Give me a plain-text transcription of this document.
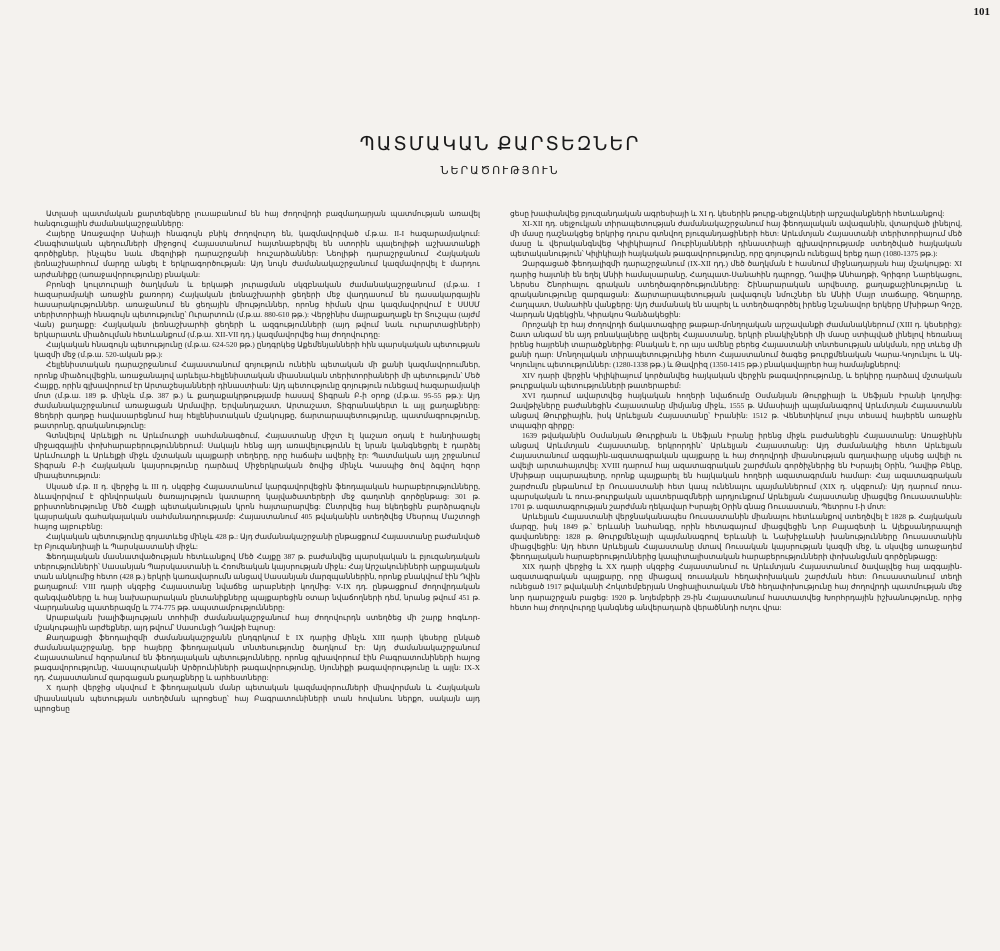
101
ՊԱՏՄԱԿԱՆ ՔԱՐՏԵԶՆԵՐ
ՆԵՐԱԾՈՒԹՅՈՒՆ

Ատլասի պատմական քարտեզները լուսաբանում են հայ ժողովրդի բազմադարյան պատմության առավել հանգուցային ժամանակաշրջանները:

Հայերը Առաջավոր Ասիայի հնագույն բնիկ ժողովուրդ են, կազմավորված մ.թ.ա. II-I հազարամյակում: Հնագիտական պեղումների միջոցով Հայաստանում հայտնաբերվել են ստորին պալեոլիթի աշխատանքի գործիքներ, ինչպես նաև մեզոլիթի դարաշրջանի հուշարձաններ: Նեոլիթի դարաշրջանում Հայկական լեռնաշխարհում մարդը անցել է երկրագործության: Այդ նույն ժամանակաշրջանում կազմավորվել է մարդու արժանիքը (առաջավորությունը) բնական:

Բրոնզի կուլտուրայի ծաղկման և երկաթի յուրացման սկզբնական ժամանակաշրջանում (մ.թ.ա. I հազարամյակի առաջին քառորդ) Հայկական լեռնաշխարհի ցեղերի մեջ վաղդասում են դասակարգային հասարակություններ. առաջանում են ցեղային միություններ, որոնց հիման վրա կազմավորվում է ՍՍՍՄ տերիտորիայի հնագույն պետությունը՝ Ուրարտուն (մ.թ.ա. 880-610 թթ.): Վերջինիս մայրաքաղաքն էր Տուշպա (այժմ Վան) քաղաքը: Հայկական լեռնաշխարհի ցեղերի և ազգությունների (այդ թվում նաև ուրարտացիների) երկարատև միաձուլման հետևանքում (մ.թ.ա. XII-VII դդ.) կազմավորվեց հայ ժողովուրդը:

Հայկական հնագույն պետությունը (մ.թ.ա. 624-520 թթ.) ընդգրկեց Աքեմենյանների հին պարսկական պետության կազմի մեջ (մ.թ.ա. 520-ական թթ.):

Հելլենիստական դարաշրջանում Հայաստանում գոյություն ունեին պետական մի քանի կազմավորումներ, որոնք միաձուլվեցին, առաջանալով արևելա-հելլենիստական միասնական տերիտորիաների մի պետություն՝ Մեծ Հայքը, որին գլխավորում էր Արտաշեսյանների դինաստիան: Այդ պետությունը գոյություն ունեցավ հազարամյակի մոտ (մ.թ.ա. 189 թ. մինչև մ.թ. 387 թ.) և քաղաքակրթությամբ հասավ Տիգրան Բ-ի օրոք (մ.թ.ա. 95-55 թթ.): Այդ ժամանակաշրջանում առաջացան Արմավիր, Երվանդաշատ, Արտաշատ, Տիգրանակերտ և այլ քաղաքները: Ցեղերի գաղթը հավասարեցնում հայ հելլենիստական մշակույթը, ճարտարապետությունը, պատմագրությունը, թատրոնը, գրականությունը:

Գտնվելով Արևելքի ու Արևմուտքի սահմանագծում, Հայաստանը միշտ էլ կաշառ օդակ է հանդիսացել միջազգային փոխհարաբերություններում: Սակայն հենց այդ առավելությունն էլ նրան կանգնեցրել է դարձել Արևմուտքի և Արևելքի միջև մշտական պայքարի տեղերը, որը հաճախ ավերիչ էր: Պատմական այդ շրջանում Տիգրան Բ-ի Հայկական կայսրությունը դարձավ Միջերկրական ծովից մինչև Կասպից ծով ձգվող հզոր միապետություն:

Սկսած մ.թ. II դ. վերջից և III դ. սկզբից Հայաստանում կարգավորվեցին ֆեոդալական հարաբերությունները, ձևավորվում է զինվորական ծառայություն կատարող կալվածատերերի մեջ գաղտնի գործընթաց: 301 թ. քրիստոնեությունը Մեծ Հայքի պետականության կրոն հայտարարվեց: Ընտրվեց հայ եկեղեցին բարձրագույն կայսրական գահակալական սահմանադրությամբ: Հայաստանում 405 թվականին ստեղծվեց Մեսրոպ Մաշտոցի հայոց այբուբենը:

Հայկական պետությունը գոյատևեց մինչև 428 թ.: Այդ ժամանակաշրջանի ընթացքում Հայաստանը բաժանված էր Բյուզանդիայի և Պարսկաստանի միջև:

Ֆեոդալական մասնատվածության հետևանքով Մեծ Հայքը 387 թ. բաժանվեց պարսկական և բյուզանդական տերությունների՝ Սասանյան Պարսկաստանի և Հռոմեական կայսրության միջև: Հայ Արշակունիների արքայական տան անկումից հետո (428 թ.) երկրի կառավարումն անցավ Սասանյան մարզպաններին, որոնք բնակվում էին Դվին քաղաքում: VIII դարի սկզբից Հայաստանը նվաճեց արաբների կողմից: V-IX դդ. ընթացքում ժողովրդական զանգվածները և հայ նախարարական ընտանիքները պայքարեցին օտար նվաճողների դեմ, նրանց թվում 451 թ. Վարդանանց պատերազմը և 774-775 թթ. ապստամբությունները:

Արաբական խալիֆայության տոհիմի ժամանակաշրջանում հայ ժողովուրդն ստեղծեց մի շարք հոգևոր-մշակութային արժեքներ, այդ թվում՝ Սասունցի Դավթի էպոսը:

Քաղաքացի ֆեոդալիզմի ժամանակաշրջանն ընդգրկում է IX դարից մինչև XIII դարի կեսերը ընկած ժամանակաշրջանը, երբ հայերը ֆեոդալական տնտեսությունը ծաղկում էր: Այդ ժամանակաշրջանում Հայաստանում հզորանում են ֆեոդալական պետությունները, որոնց գլխավորում էին Բագրատունիների հայոց թագավորությունը, Վասպուրականի Արծրունիների թագավորությունը, Սյունիքի թագավորությունը և այլն: IX-X դդ. Հայաստանում զարգացան քաղաքները և արհեստները:

X դարի վերջից սկսվում է ֆեոդալական մանր պետական կազմավորումների միավորման և Հայկական միասնական պետության ստեղծման պրոցեսը՝ հայ Բագրատունիների տան հովանու ներքո, սակայն այդ պրոցեսը

ցեսը խափանվեց բյուզանդական ագրեսիայի և XI դ. կեսերին թուրք-սելջուկների արշավանքների հետևանքով:

XI-XII դդ. սելջուկյան տիրապետության ժամանակաշրջանում հայ ֆեոդալական ավագանին, վտարված լինելով, մի մասը դաշնակցեց երկրից դուրս գտնվող բյուզանդացիների հետ: Արևմտյան Հայաստանի տերիտորիայում մեծ մասը և վերականգնվեց Կիլիկիայում Ռուբինյանների դինաստիայի գլխավորությամբ ստեղծված հայկական պետականություն՝ Կիլիկիայի հայկական թագավորությունը, որը գոյություն ունեցավ երեք դար (1080-1375 թթ.):

Զարգացած ֆեոդալիզմի դարաշրջանում (IX-XII դդ.) մեծ ծաղկման է հասնում միջնադարյան հայ մշակույթը: XI դարից հայտնի են եղել Անիի համալսարանը, Հաղպատ-Սանահին դպրոցը, Դավիթ Անհաղթի, Գրիգոր Նարեկացու, Ներսես Շնորհալու գրական ստեղծագործությունները: Շինարարական արվեստը, քաղաքաշինությունը և գրականությունը զարգացան: Ճարտարապետության լավագույն նմուշներ են Անիի Մայր տաճարը, Գեղարդը, Հաղպատ, Սանահին վանքերը: Այդ ժամանակ են ապրել և ստեղծագործել իրենց նշանավոր երկերը Մխիթար Գոշը, Վարդան Այգեկցին, Կիրակոս Գանձակեցին:

Որոշակի էր հայ ժողովրդի ճակատագիրը թաթար-մոնղոլական արշավանքի ժամանակներում (XIII դ. կեսերից): Շատ անգամ են այդ բռնակալները ավերել Հայաստանը, երկրի բնակիչների մի մասը ստիպված լինելով հեռանալ իրենց հայրենի տարածքներից: Բնական է, որ այս ամենը բերեց Հայաստանի տնտեսության անկման, որը տևեց մի քանի դար: Մոնղոլական տիրապետությունից հետո Հայաստանում ծագեց թուրքմենական Կարա-Կոյունլու և Ակ-Կոյունլու պետություններ: (1280-1338 թթ.) և Թավրիզ (1350-1415 թթ.) բնակավայրեր հայ համայնքներով:

XIV դարի վերջին Կիլիկիայում կործանվեց հայկական վերջին թագավորությունը, և երկիրը դարձավ մշտական թուրքական պետությունների թատերաբեմ:

XVI դարում ավարտվեց հայկական հողերի նվաճումը Օսմանյան Թուրքիայի և Սեֆյան Իրանի կողմից: Զավթիչները բաժանեցին Հայաստանը միմյանց միջև, 1555 թ. Ամասիայի պայմանագրով Արևմտյան Հայաստանն անցավ Թուրքիային, իսկ Արևելյան Հայաստանը՝ Իրանին: 1512 թ. Վենետիկում լույս տեսավ հայերեն առաջին տպագիր գիրքը:

1639 թվականին Օսմանյան Թուրքիան և Սեֆյան Իրանը իրենց միջև բաժանեցին Հայաստանը: Առաջինին անցավ Արևմտյան Հայաստանը, երկրորդին՝ Արևելյան Հայաստանը: Այդ ժամանակից հետո Արևելյան Հայաստանում ազգային-ազատագրական պայքարը և հայ ժողովրդի միասնության գաղափարը սկսեց ավելի ու ավելի արտահայտվել: XVIII դարում հայ ազատագրական շարժման գործիչներից են Իսրայել Օրին, Դավիթ Բեկը, Մխիթար սպարապետը, որոնք պայքարել են հայկական հողերի ազատագրման համար: Հայ ազատագրական շարժումն ընթանում էր Ռուսաստանի հետ կապ ունենալու պայմաններում (XIX դ. սկզբում): Այդ դարում ռուս-պարսկական և ռուս-թուրքական պատերազմների արդյունքում Արևելյան Հայաստանը միացվեց Ռուսաստանին: 1701 թ. ազատագրության շարժման ղեկավար Իսրայել Օրին գնաց Ռուսաստան, Պետրոս I-ի մոտ:

Արևելյան Հայաստանի վերջնականապես Ռուսաստանին միանալու հետևանքով ստեղծվել է 1828 թ. Հայկական մարզը, իսկ 1849 թ.՝ Երևանի նահանգը, որին հետագայում միացվեցին Նոր Բայազետի և Ալեքսանդրապոլի գավառները: 1828 թ. Թուրքմենչայի պայմանագրով Երևանի և Նախիջևանի խանությունները Ռուսաստանին միացվեցին: Այդ հետո Արևելյան Հայաստանը մտավ Ռուսական կայսրության կազմի մեջ, և սկսվեց առաջադեմ ֆեոդալական հարաբերություններից կապիտալիստական հարաբերությունների փոխանցման գործընթացը:

XIX դարի վերջից և XX դարի սկզբից Հայաստանում ու Արևմտյան Հայաստանում ծավալվեց հայ ազգային-ազատագրական պայքարը, որը միացավ ռուսական հեղափոխական շարժման հետ: Ռուսաստանում տեղի ունեցած 1917 թվականի Հոկտեմբերյան Սոցիալիստական Մեծ հեղափոխությունը հայ ժողովրդի պատմության մեջ նոր դարաշրջան բացեց: 1920 թ. նոյեմբերի 29-ին Հայաստանում հաստատվեց Խորհրդային իշխանությունը, որից հետո հայ ժողովուրդը կանգնեց անվերադարձ վերածննդի ուղու վրա:
